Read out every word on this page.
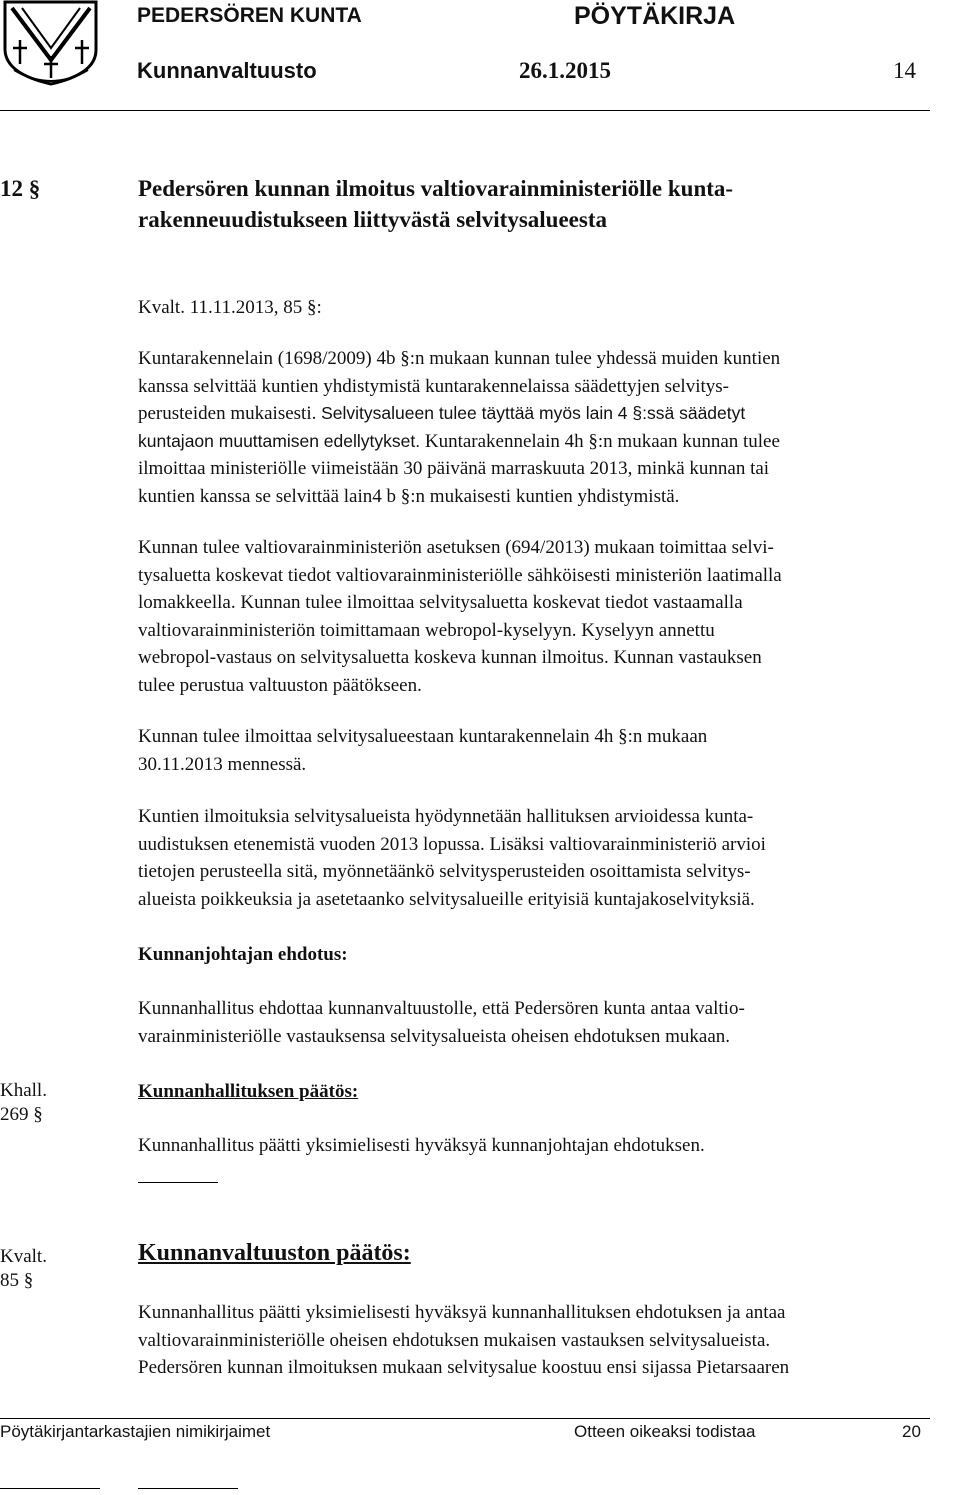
PEDERSÖREN KUNTA	PÖYTÄKIRJA
Kunnanvaltuusto	26.1.2015	14
12 §	Pedersören kunnan ilmoitus valtiovarainministeriölle kunta-
rakenneuudistukseen liittyvästä selvitysalueesta
Kvalt. 11.11.2013, 85 §:
Kuntarakennelain (1698/2009) 4b §:n mukaan kunnan tulee yhdessä muiden kuntien
kanssa selvittää kuntien yhdistymistä kuntarakennelaissa säädettyjen selvitys-
perusteiden mukaisesti. Selvitysalueen tulee täyttää myös lain 4 §:ssä säädetyt
kuntajaon muuttamisen edellytykset. Kuntarakennelain 4h §:n mukaan kunnan tulee
ilmoittaa ministeriölle viimeistään 30 päivänä marraskuuta 2013, minkä kunnan tai
kuntien kanssa se selvittää lain4 b §:n mukaisesti kuntien yhdistymistä.
Kunnan tulee valtiovarainministeriön asetuksen (694/2013) mukaan toimittaa selvi-
tysaluetta koskevat tiedot valtiovarainministeriölle sähköisesti ministeriön laatimalla
lomakkeella. Kunnan tulee ilmoittaa selvitysaluetta koskevat tiedot vastaamalla
valtiovarainministeriön toimittamaan webropol-kyselyyn. Kyselyyn annettu
webropol-vastaus on selvitysaluetta koskeva kunnan ilmoitus. Kunnan vastauksen
tulee perustua valtuuston päätökseen.
Kunnan tulee ilmoittaa selvitysalueestaan kuntarakennelain 4h §:n mukaan
30.11.2013 mennessä.
Kuntien ilmoituksia selvitysalueista hyödynnetään hallituksen arvioidessa kunta-
uudistuksen etenemistä vuoden 2013 lopussa. Lisäksi valtiovarainministeriö arvioi
tietojen perusteella sitä, myönnetäänkö selvitysperusteiden osoittamista selvitys-
alueista poikkeuksia ja asetetaanko selvitysalueille erityisiä kuntajakoselvityksiä.
Kunnanjohtajan ehdotus:
Kunnanhallitus ehdottaa kunnanvaltuustolle, että Pedersören kunta antaa valtio-
varainministeriölle vastauksensa selvitysalueista oheisen ehdotuksen mukaan.
Khall.
269 §
Kunnanhallituksen päätös:
Kunnanhallitus päätti yksimielisesti hyväksyä kunnanjohtajan ehdotuksen.
Kvalt.
85 §
Kunnanvaltuuston päätös:
Kunnanhallitus päätti yksimielisesti hyväksyä kunnanhallituksen ehdotuksen ja antaa
valtiovarainministeriölle oheisen ehdotuksen mukaisen vastauksen selvitysalueista.
Pedersören kunnan ilmoituksen mukaan selvitysalue koostuu ensi sijassa Pietarsaaren
Pöytäkirjantarkastajien nimikirjaimet	Otteen oikeaksi todistaa	20
